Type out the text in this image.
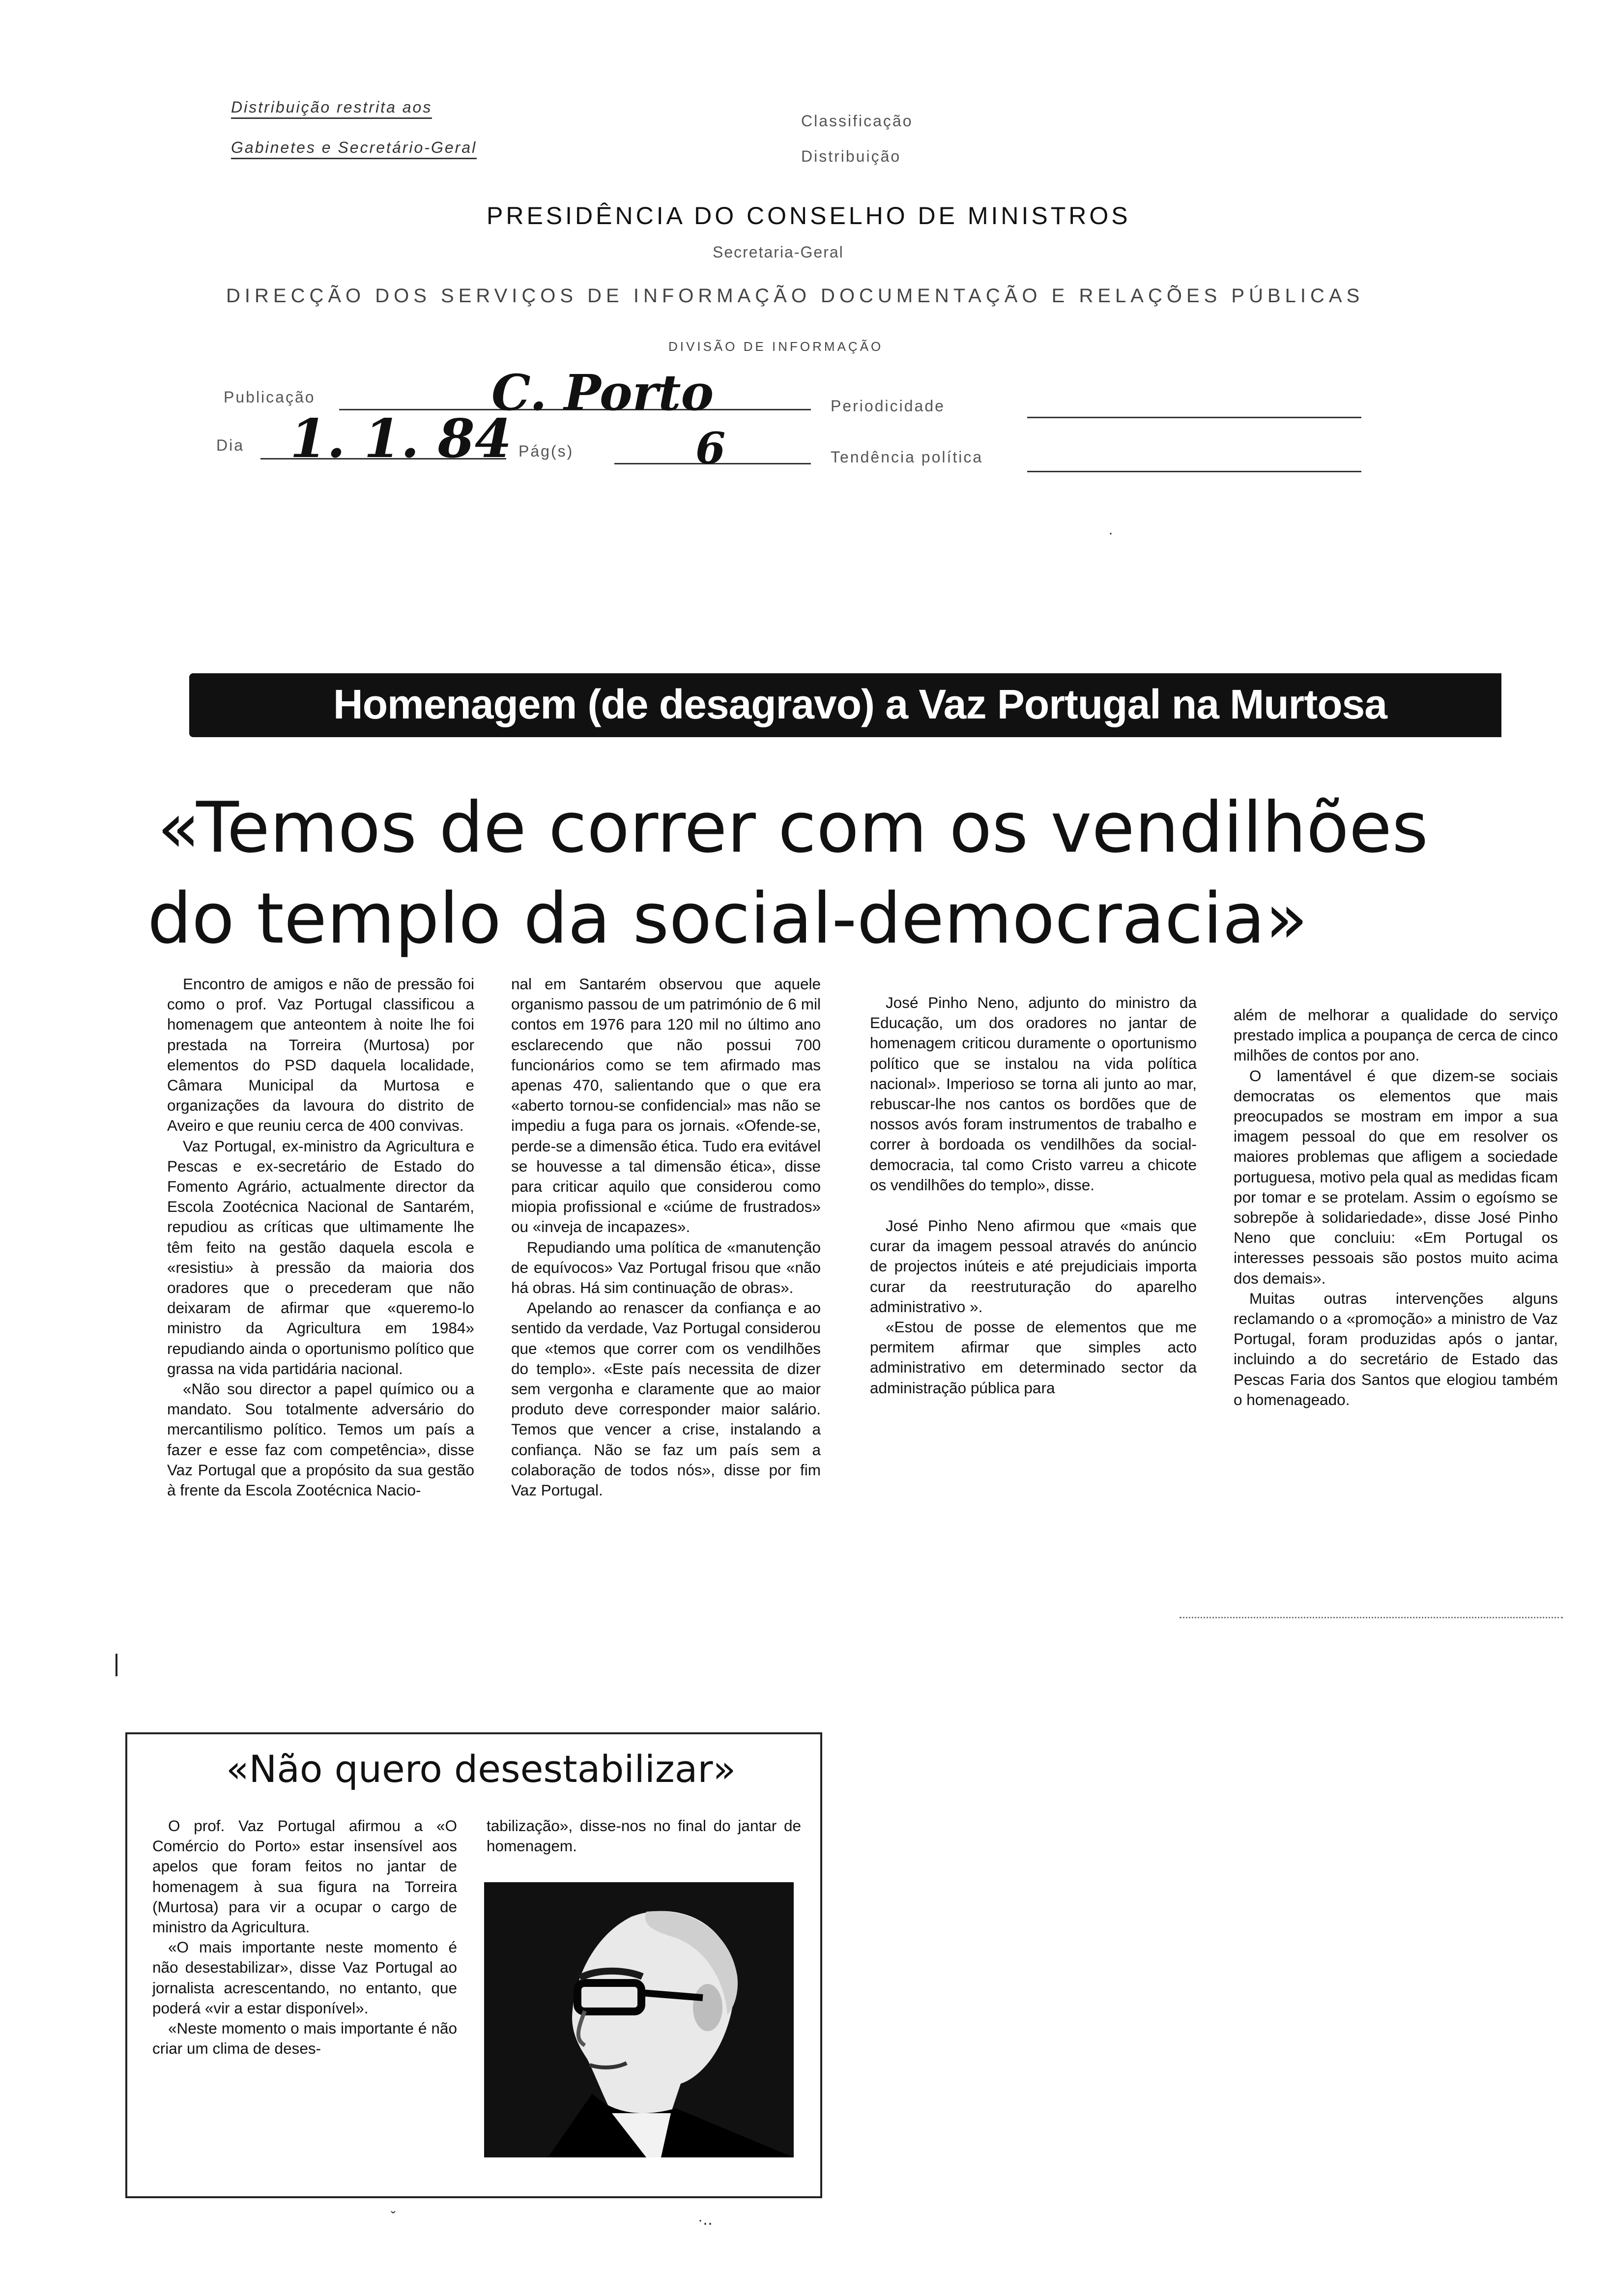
Distribuição restrita aos
Gabinetes e Secretário-Geral
Classificação
Distribuição
PRESIDÊNCIA DO CONSELHO DE MINISTROS
Secretaria-Geral
DIRECÇÃO DOS SERVIÇOS DE INFORMAÇÃO DOCUMENTAÇÃO E RELAÇÕES PÚBLICAS
DIVISÃO DE INFORMAÇÃO
Publicação	C. Porto	Periodicidade
Dia 1. 1. 84 Pág(s)	6	Tendência política
·
Homenagem (de desagravo) a Vaz Portugal na Murtosa
«Temos de correr com os vendilhões
do templo da social-democracia»

Encontro de amigos e não de pressão foi como o prof. Vaz Portugal classificou a homenagem que anteontem à noite lhe foi prestada na Torreira (Murtosa) por elementos do PSD daquela localidade, Câmara Municipal da Murtosa e organizações da lavoura do distrito de Aveiro e que reuniu cerca de 400 convivas.

Vaz Portugal, ex-ministro da Agricultura e Pescas e ex-secretário de Estado do Fomento Agrário, actualmente director da Escola Zootécnica Nacional de Santarém, repudiou as críticas que ultimamente lhe têm feito na gestão daquela escola e «resistiu» à pressão da maioria dos oradores que o precederam que não deixaram de afirmar que «queremo-lo ministro da Agricultura em 1984» repudiando ainda o oportunismo político que grassa na vida partidária nacional.

«Não sou director a papel químico ou a mandato. Sou totalmente adversário do mercantilismo político. Temos um país a fazer e esse faz com competência», disse Vaz Portugal que a propósito da sua gestão à frente da Escola Zootécnica Nacio-

nal em Santarém observou que aquele organismo passou de um património de 6 mil contos em 1976 para 120 mil no último ano esclarecendo que não possui 700 funcionários como se tem afirmado mas apenas 470, salientando que o que era «aberto tornou-se confidencial» mas não se impediu a fuga para os jornais. «Ofende-se, perde-se a dimensão ética. Tudo era evitável se houvesse a tal dimensão ética», disse para criticar aquilo que considerou como miopia profissional e «ciúme de frustrados» ou «inveja de incapazes».

Repudiando uma política de «manutenção de equívocos» Vaz Portugal frisou que «não há obras. Há sim continuação de obras».

Apelando ao renascer da confiança e ao sentido da verdade, Vaz Portugal considerou que «temos que correr com os vendilhões do templo». «Este país necessita de dizer sem vergonha e claramente que ao maior produto deve corresponder maior salário. Temos que vencer a crise, instalando a confiança. Não se faz um país sem a colaboração de todos nós», disse por fim Vaz Portugal.

José Pinho Neno, adjunto do ministro da Educação, um dos oradores no jantar de homenagem criticou duramente o oportunismo político que se instalou na vida política nacional». Imperioso se torna ali junto ao mar, rebuscar-lhe nos cantos os bordões que de nossos avós foram instrumentos de trabalho e correr à bordoada os vendilhões da social-democracia, tal como Cristo varreu a chicote os vendilhões do templo», disse.

José Pinho Neno afirmou que «mais que curar da imagem pessoal através do anúncio de projectos inúteis e até prejudiciais importa curar da reestruturação do aparelho administrativo ».

«Estou de posse de elementos que me permitem afirmar que simples acto administrativo em determinado sector da administração pública para

além de melhorar a qualidade do serviço prestado implica a poupança de cerca de cinco milhões de contos por ano.

O lamentável é que dizem-se sociais democratas os elementos que mais preocupados se mostram em impor a sua imagem pessoal do que em resolver os maiores problemas que afligem a sociedade portuguesa, motivo pela qual as medidas ficam por tomar e se protelam. Assim o egoísmo se sobrepõe à solidariedade», disse José Pinho Neno que concluiu: «Em Portugal os interesses pessoais são postos muito acima dos demais».

Muitas outras intervenções alguns reclamando o a «promoção» a ministro de Vaz Portugal, foram produzidas após o jantar, incluindo a do secretário de Estado das Pescas Faria dos Santos que elogiou também o homenageado.

«Não quero desestabilizar»

O prof. Vaz Portugal afirmou a «O Comércio do Porto» estar insensível aos apelos que foram feitos no jantar de homenagem à sua figura na Torreira (Murtosa) para vir a ocupar o cargo de ministro da Agricultura.

«O mais importante neste momento é não desestabilizar», disse Vaz Portugal ao jornalista acrescentando, no entanto, que poderá «vir a estar disponível».

«Neste momento o mais importante é não criar um clima de deses-

tabilização», disse-nos no final do jantar de homenagem.

ˇ	·‥
